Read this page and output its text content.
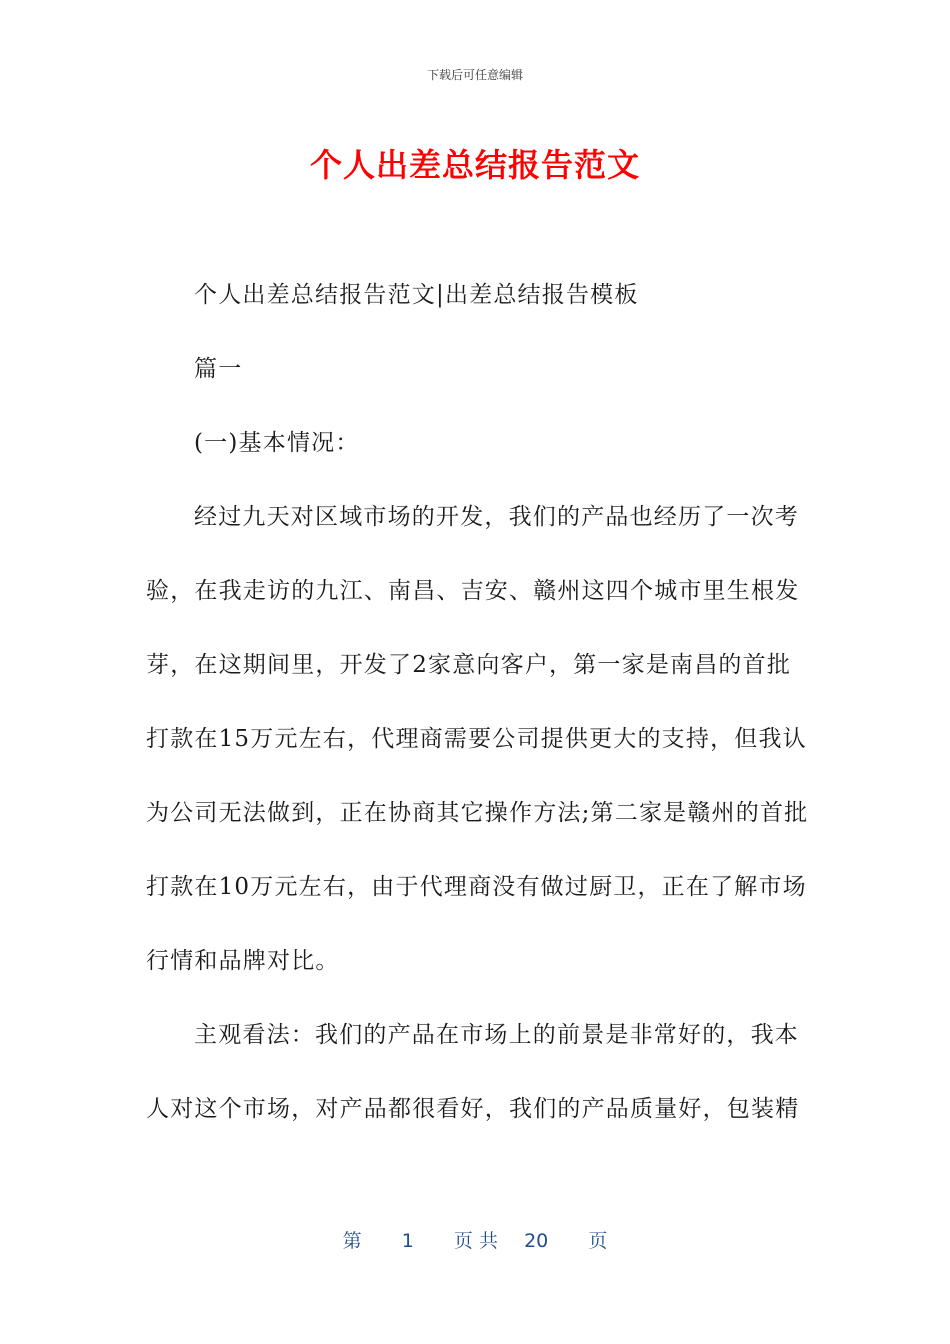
下载后可任意编辑
个人出差总结报告范文
个人出差总结报告范文|出差总结报告模板
篇一
(一)基本情况：
经过九天对区域市场的开发，我们的产品也经历了一次考
验，在我走访的九江、南昌、吉安、赣州这四个城市里生根发
芽，在这期间里，开发了2家意向客户，第一家是南昌的首批
打款在15万元左右，代理商需要公司提供更大的支持，但我认
为公司无法做到，正在协商其它操作方法;第二家是赣州的首批
打款在10万元左右，由于代理商没有做过厨卫，正在了解市场
行情和品牌对比。
主观看法：我们的产品在市场上的前景是非常好的，我本
人对这个市场，对产品都很看好，我们的产品质量好，包装精
第 1 页 共 20 页
